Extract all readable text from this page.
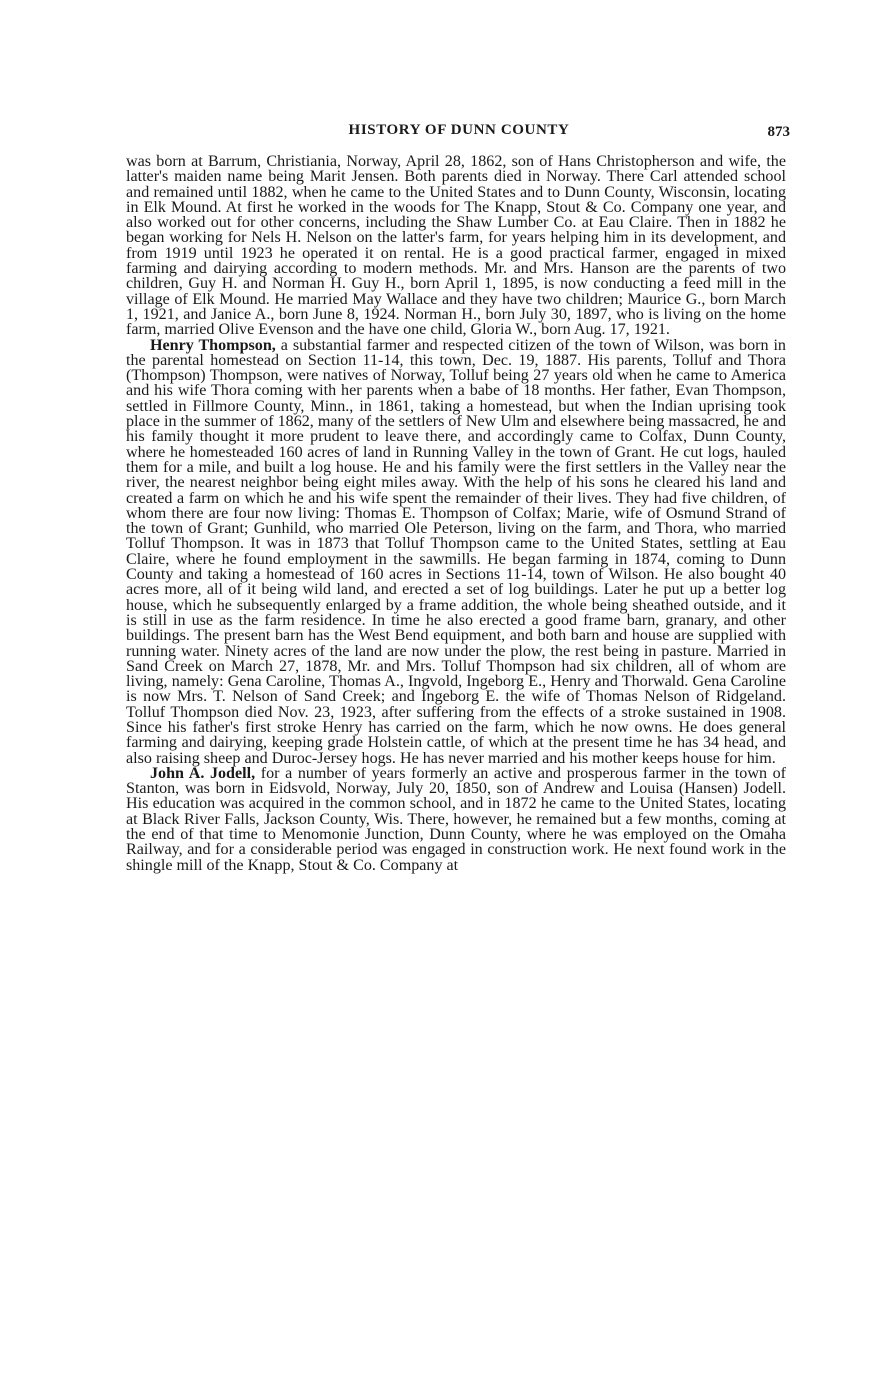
HISTORY OF DUNN COUNTY	873

was born at Barrum, Christiania, Norway, April 28, 1862, son of Hans Christopherson and wife, the latter's maiden name being Marit Jensen. Both parents died in Norway. There Carl attended school and remained until 1882, when he came to the United States and to Dunn County, Wisconsin, locating in Elk Mound. At first he worked in the woods for The Knapp, Stout & Co. Company one year, and also worked out for other concerns, including the Shaw Lumber Co. at Eau Claire. Then in 1882 he began working for Nels H. Nelson on the latter's farm, for years helping him in its development, and from 1919 until 1923 he operated it on rental. He is a good practical farmer, engaged in mixed farming and dairying according to modern methods. Mr. and Mrs. Hanson are the parents of two children, Guy H. and Norman H. Guy H., born April 1, 1895, is now conducting a feed mill in the village of Elk Mound. He married May Wallace and they have two children; Maurice G., born March 1, 1921, and Janice A., born June 8, 1924. Norman H., born July 30, 1897, who is living on the home farm, married Olive Evenson and the have one child, Gloria W., born Aug. 17, 1921.

Henry Thompson, a substantial farmer and respected citizen of the town of Wilson, was born in the parental homestead on Section 11-14, this town, Dec. 19, 1887. His parents, Tolluf and Thora (Thompson) Thompson, were natives of Norway, Tolluf being 27 years old when he came to America and his wife Thora coming with her parents when a babe of 18 months. Her father, Evan Thompson, settled in Fillmore County, Minn., in 1861, taking a homestead, but when the Indian uprising took place in the summer of 1862, many of the settlers of New Ulm and elsewhere being massacred, he and his family thought it more prudent to leave there, and accordingly came to Colfax, Dunn County, where he homesteaded 160 acres of land in Running Valley in the town of Grant. He cut logs, hauled them for a mile, and built a log house. He and his family were the first settlers in the Valley near the river, the nearest neighbor being eight miles away. With the help of his sons he cleared his land and created a farm on which he and his wife spent the remainder of their lives. They had five children, of whom there are four now living: Thomas E. Thompson of Colfax; Marie, wife of Osmund Strand of the town of Grant; Gunhild, who married Ole Peterson, living on the farm, and Thora, who married Tolluf Thompson. It was in 1873 that Tolluf Thompson came to the United States, settling at Eau Claire, where he found employment in the sawmills. He began farming in 1874, coming to Dunn County and taking a homestead of 160 acres in Sections 11-14, town of Wilson. He also bought 40 acres more, all of it being wild land, and erected a set of log buildings. Later he put up a better log house, which he subsequently enlarged by a frame addition, the whole being sheathed outside, and it is still in use as the farm residence. In time he also erected a good frame barn, granary, and other buildings. The present barn has the West Bend equipment, and both barn and house are supplied with running water. Ninety acres of the land are now under the plow, the rest being in pasture. Married in Sand Creek on March 27, 1878, Mr. and Mrs. Tolluf Thompson had six children, all of whom are living, namely: Gena Caroline, Thomas A., Ingvold, Ingeborg E., Henry and Thorwald. Gena Caroline is now Mrs. T. Nelson of Sand Creek; and Ingeborg E. the wife of Thomas Nelson of Ridgeland. Tolluf Thompson died Nov. 23, 1923, after suffering from the effects of a stroke sustained in 1908. Since his father's first stroke Henry has carried on the farm, which he now owns. He does general farming and dairying, keeping grade Holstein cattle, of which at the present time he has 34 head, and also raising sheep and Duroc-Jersey hogs. He has never married and his mother keeps house for him.

John A. Jodell, for a number of years formerly an active and prosperous farmer in the town of Stanton, was born in Eidsvold, Norway, July 20, 1850, son of Andrew and Louisa (Hansen) Jodell. His education was acquired in the common school, and in 1872 he came to the United States, locating at Black River Falls, Jackson County, Wis. There, however, he remained but a few months, coming at the end of that time to Menomonie Junction, Dunn County, where he was employed on the Omaha Railway, and for a considerable period was engaged in construction work. He next found work in the shingle mill of the Knapp, Stout & Co. Company at
